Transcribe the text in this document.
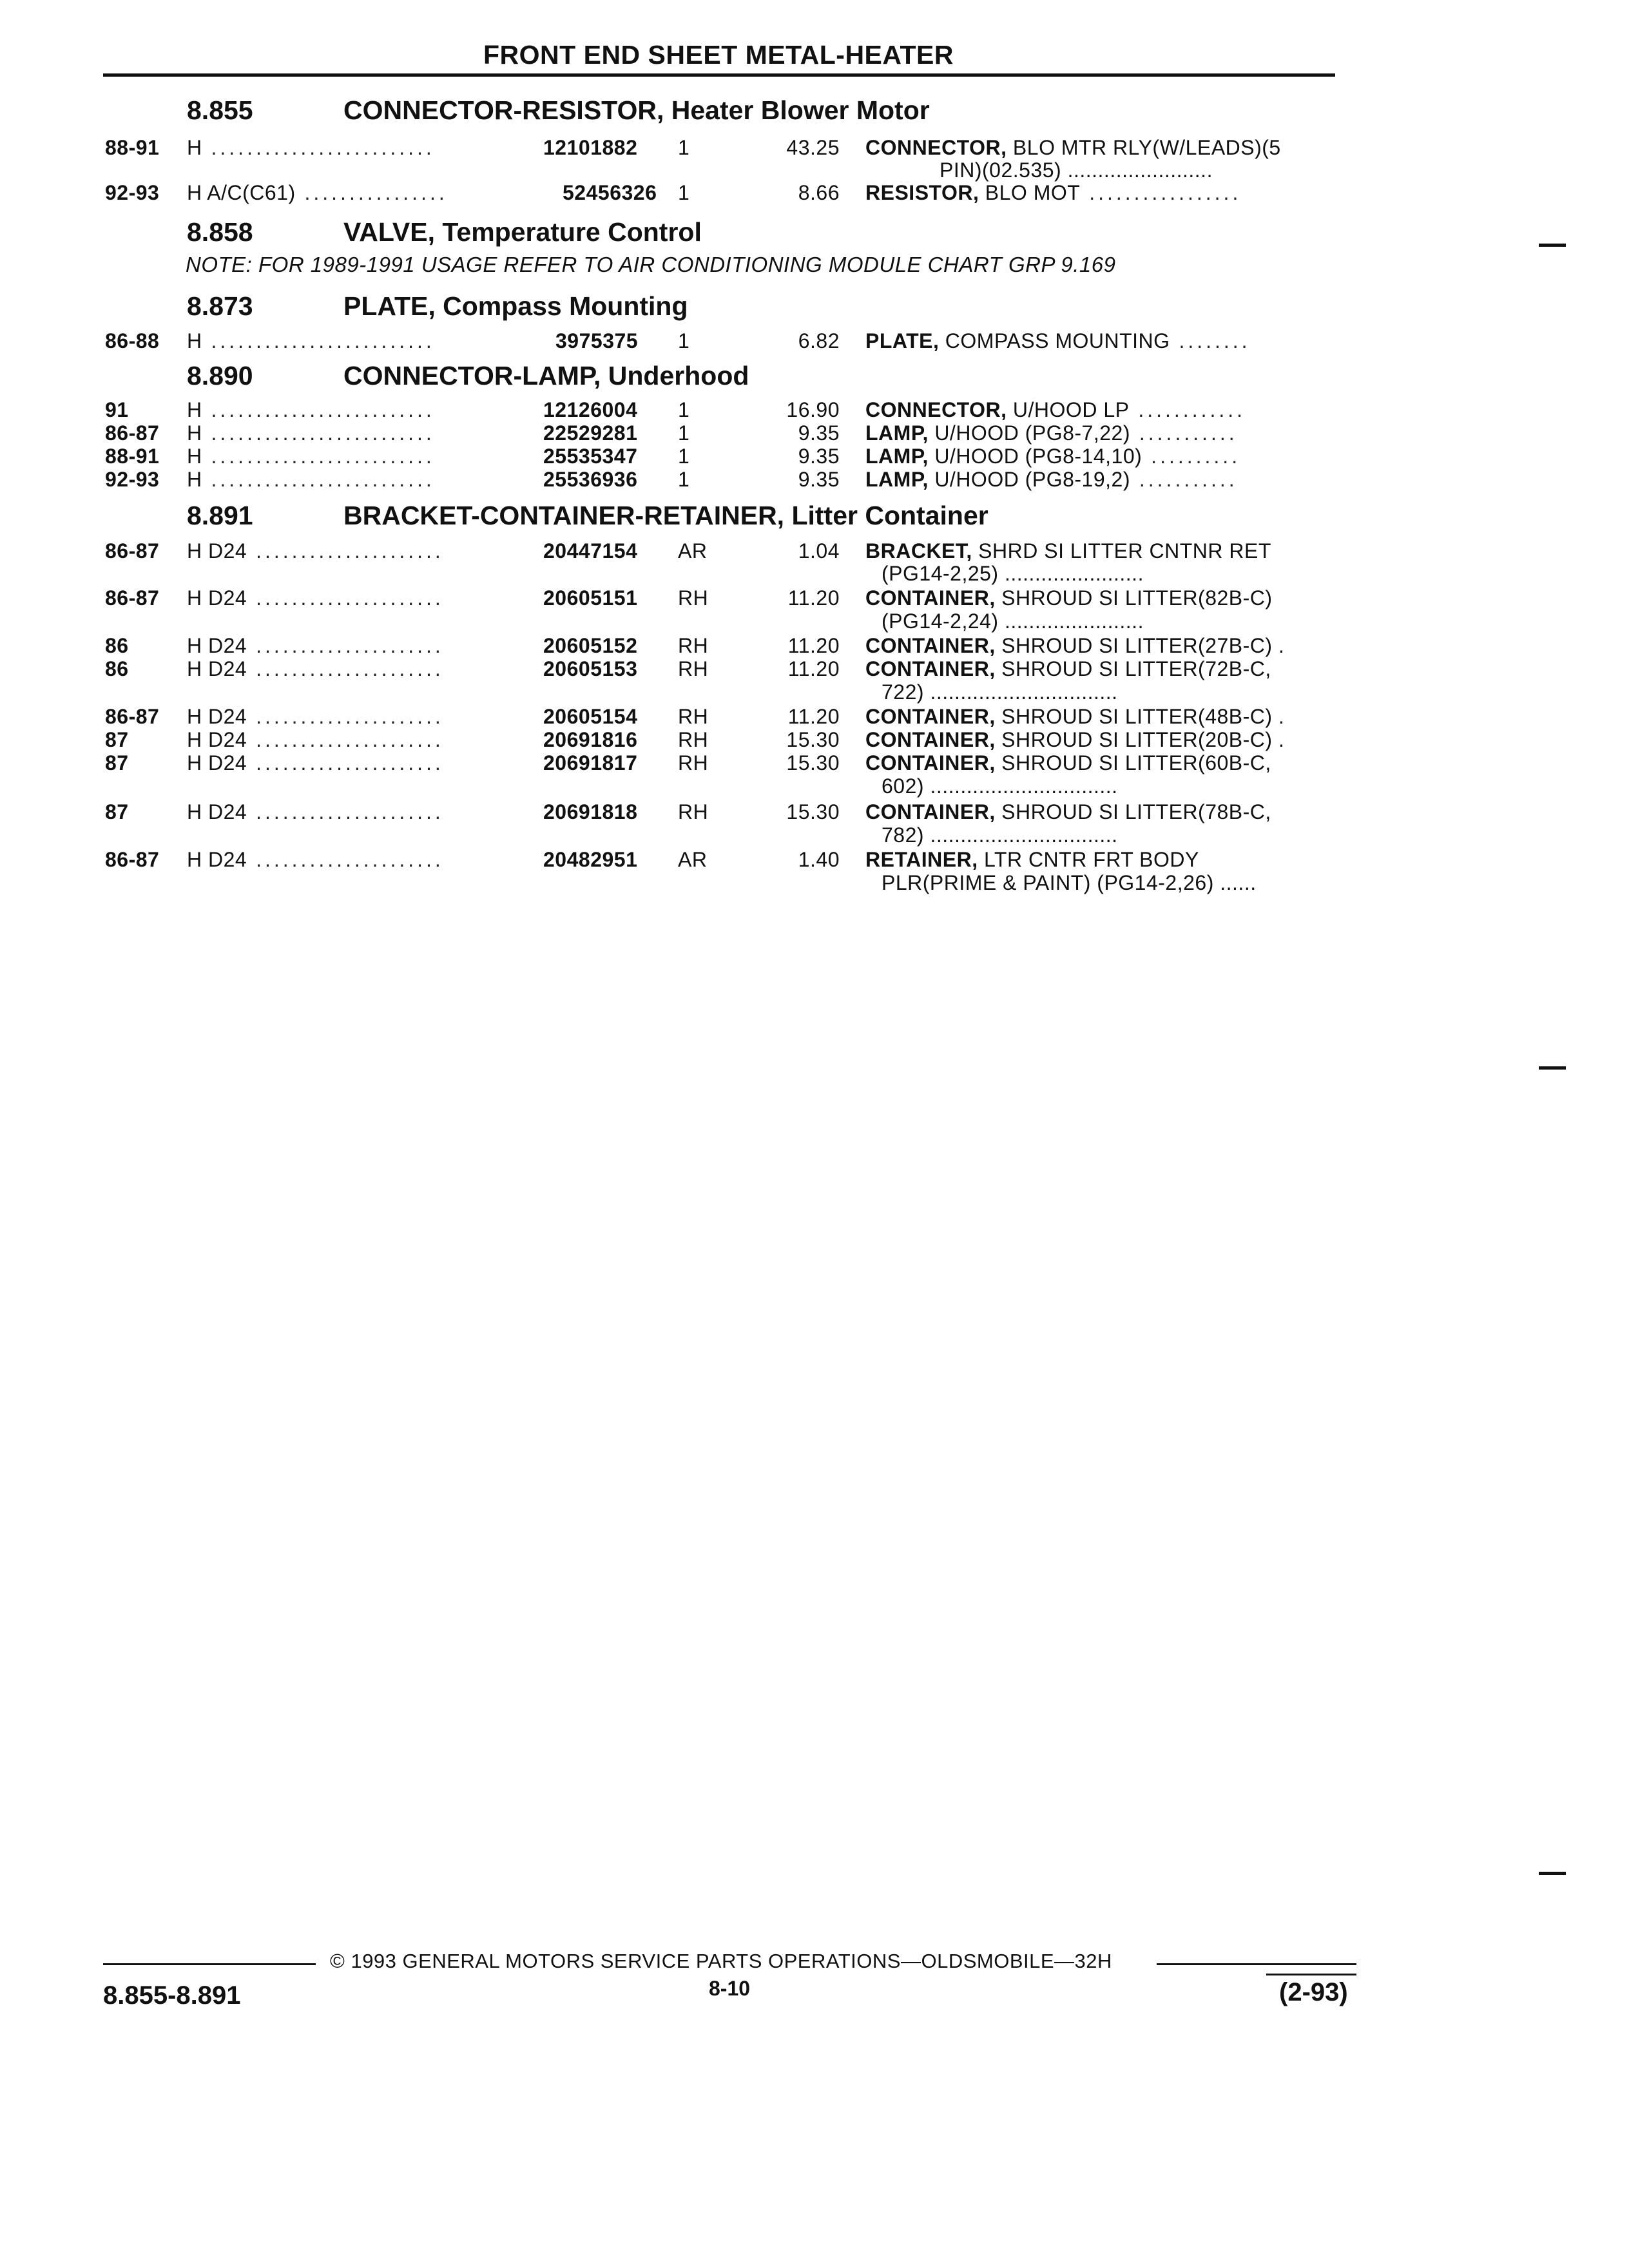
FRONT END SHEET METAL-HEATER
8.855	CONNECTOR-RESISTOR, Heater Blower Motor
88-91 H .........................	12101882 1	43.25 CONNECTOR, BLO MTR RLY(W/LEADS)(5
PIN)(02.535) ........................
92-93 H A/C(C61) ................	52456326 1	8.66 RESISTOR, BLO MOT .................
8.858	VALVE, Temperature Control
NOTE: FOR 1989-1991 USAGE REFER TO AIR CONDITIONING MODULE CHART GRP 9.169
8.873	PLATE, Compass Mounting
86-88 H .........................	3975375 1	6.82 PLATE, COMPASS MOUNTING ........
8.890	CONNECTOR-LAMP, Underhood
91	H .........................	12126004 1	16.90 CONNECTOR, U/HOOD LP ............
86-87 H .........................	22529281 1	9.35 LAMP, U/HOOD (PG8-7,22) ...........
88-91 H .........................	25535347 1	9.35 LAMP, U/HOOD (PG8-14,10) ..........
92-93 H .........................	25536936 1	9.35 LAMP, U/HOOD (PG8-19,2) ...........
8.891	BRACKET-CONTAINER-RETAINER, Litter Container
86-87 H D24 .....................	20447154 AR	1.04 BRACKET, SHRD SI LITTER CNTNR RET
(PG14-2,25) .......................
86-87 H D24 .....................	20605151 RH	11.20 CONTAINER, SHROUD SI LITTER(82B-C)
(PG14-2,24) .......................
86	H D24 .....................	20605152 RH	11.20 CONTAINER, SHROUD SI LITTER(27B-C) .
86	H D24 .....................	20605153 RH	11.20 CONTAINER, SHROUD SI LITTER(72B-C,
722) ...............................
86-87 H D24 .....................	20605154 RH	11.20 CONTAINER, SHROUD SI LITTER(48B-C) .
87	H D24 .....................	20691816 RH	15.30 CONTAINER, SHROUD SI LITTER(20B-C) .
87	H D24 .....................	20691817 RH	15.30 CONTAINER, SHROUD SI LITTER(60B-C,
602) ...............................
87	H D24 .....................	20691818 RH	15.30 CONTAINER, SHROUD SI LITTER(78B-C,
782) ...............................
86-87 H D24 .....................	20482951 AR	1.40 RETAINER, LTR CNTR FRT BODY
PLR(PRIME & PAINT) (PG14-2,26) ......
© 1993 GENERAL MOTORS SERVICE PARTS OPERATIONS—OLDSMOBILE—32H
8.855-8.891	8-10	(2-93)
